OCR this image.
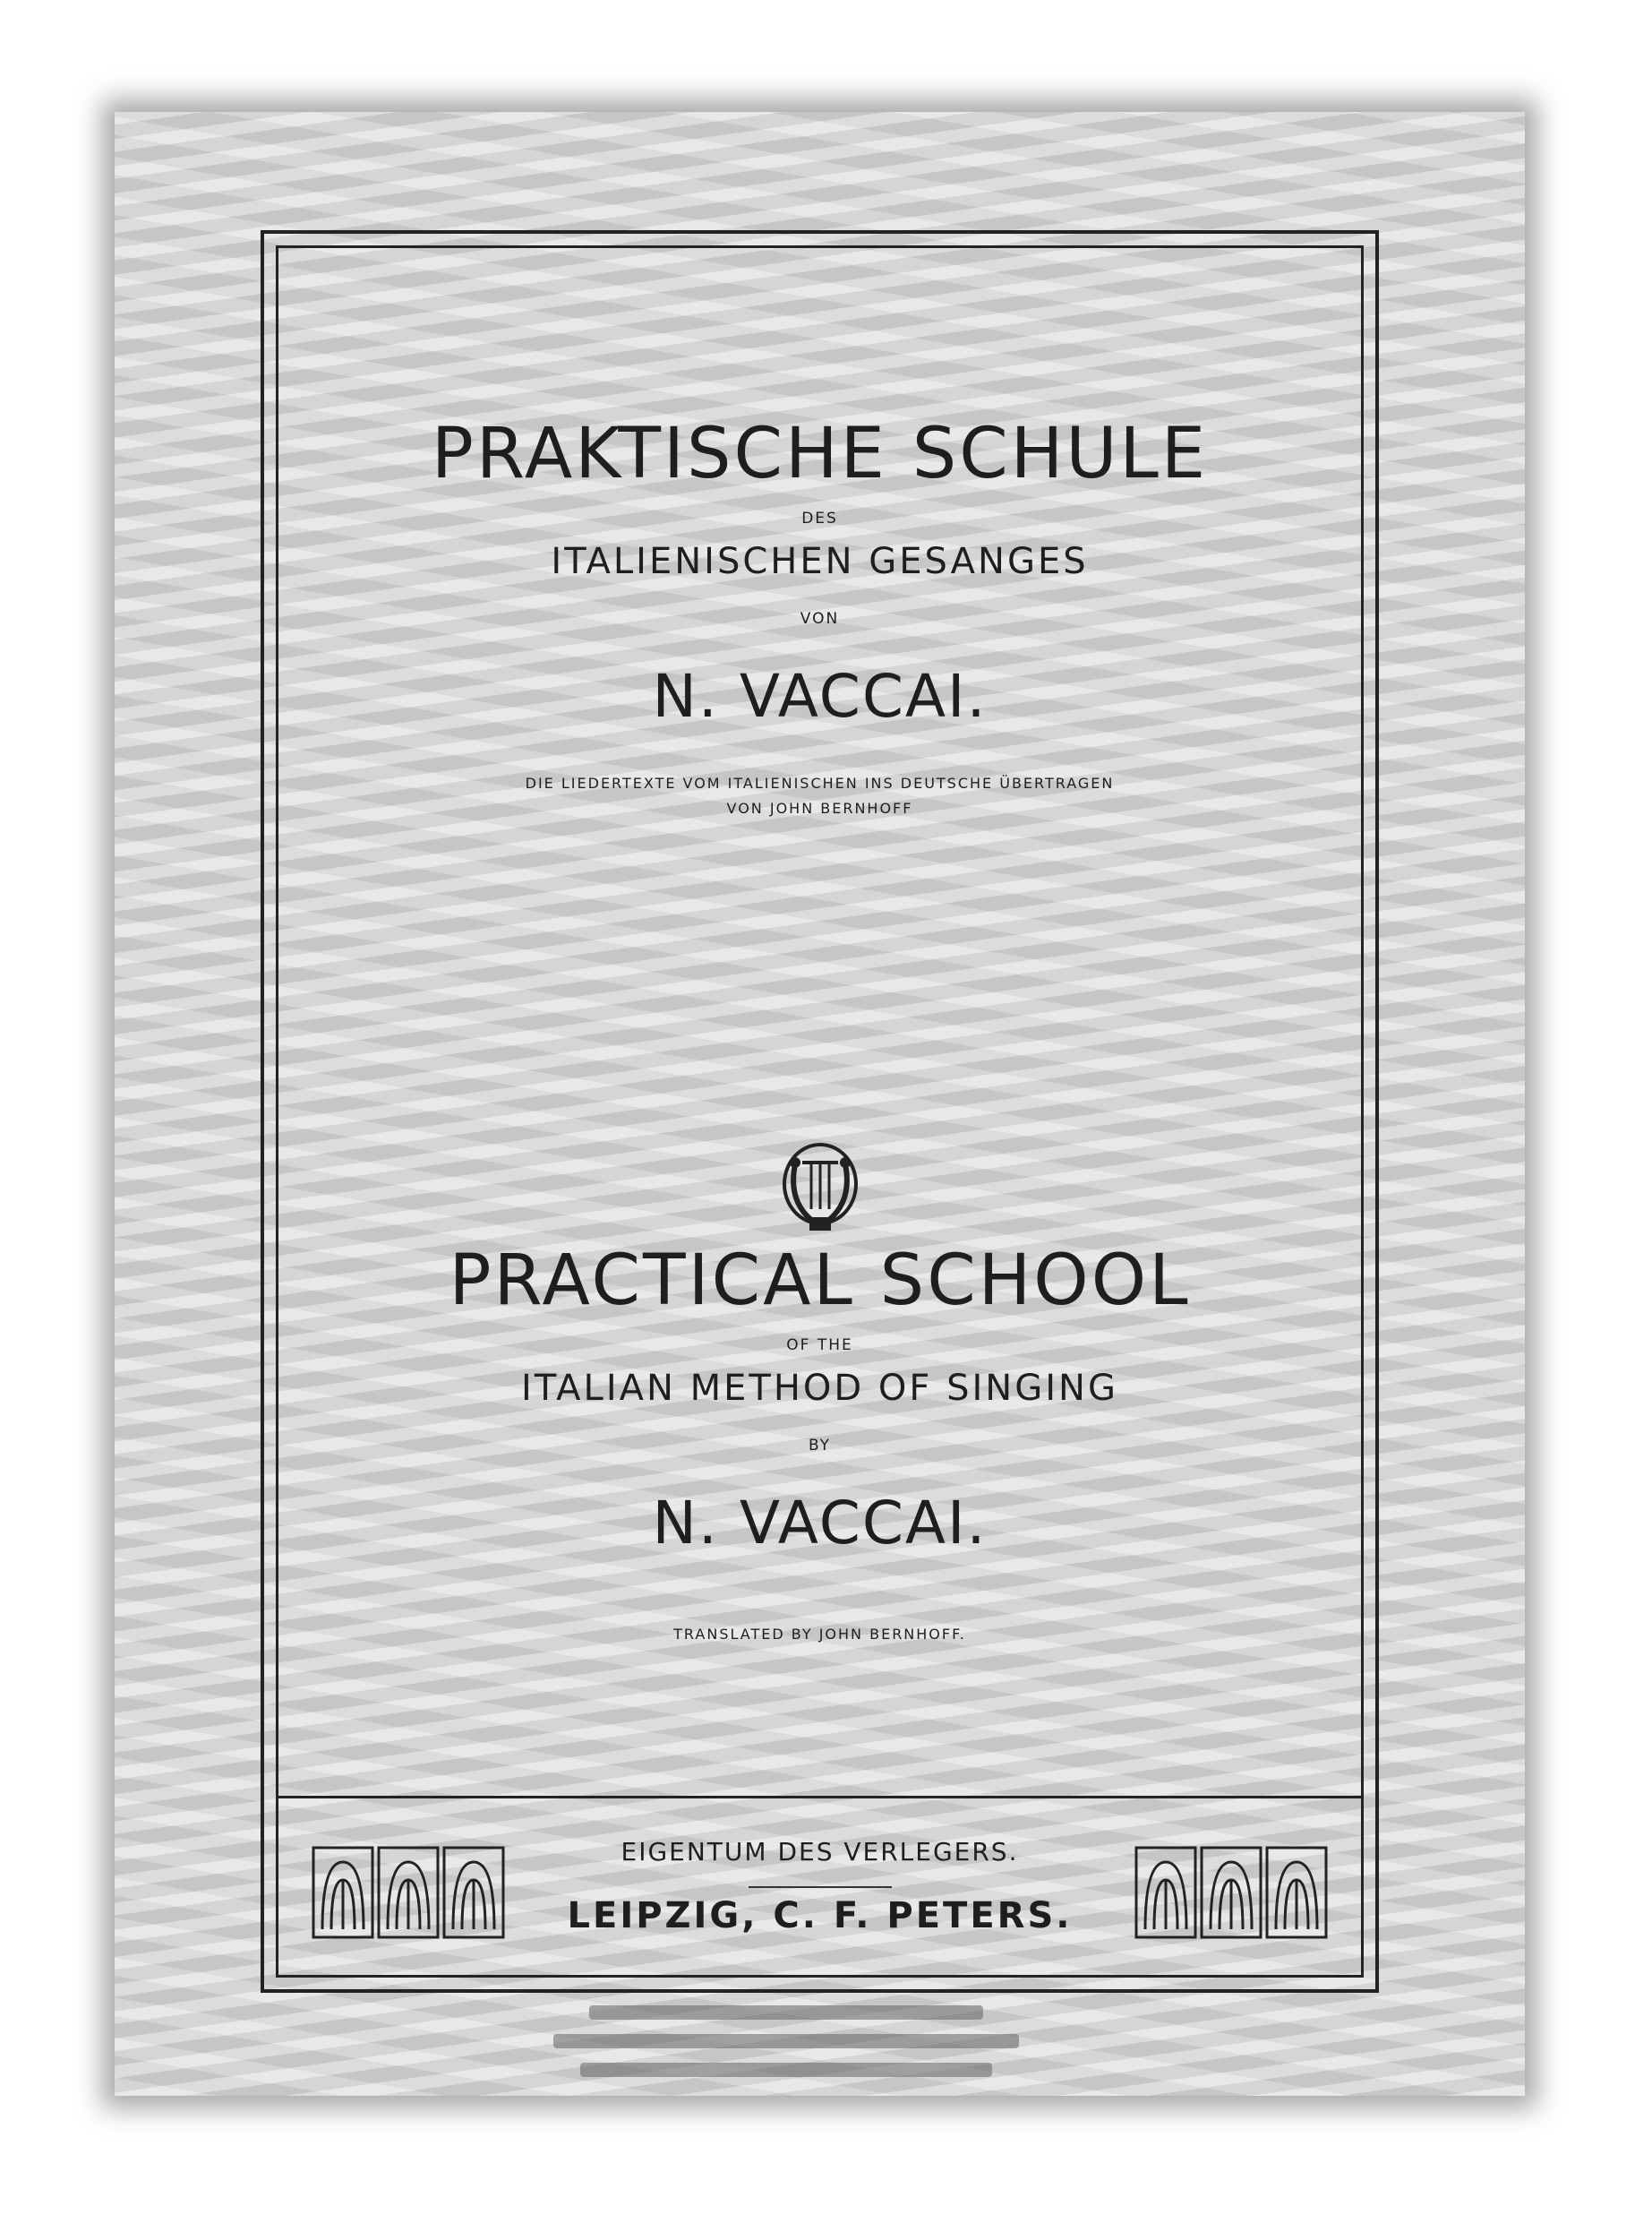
PRAKTISCHE SCHULE
DES
ITALIENISCHEN GESANGES
VON
N. VACCAI.
DIE LIEDERTEXTE VOM ITALIENISCHEN INS DEUTSCHE ÜBERTRAGEN
VON JOHN BERNHOFF
PRACTICAL SCHOOL
OF THE
ITALIAN METHOD OF SINGING
BY
N. VACCAI.
TRANSLATED BY JOHN BERNHOFF.
EIGENTUM DES VERLEGERS.
LEIPZIG, C. F. PETERS.
